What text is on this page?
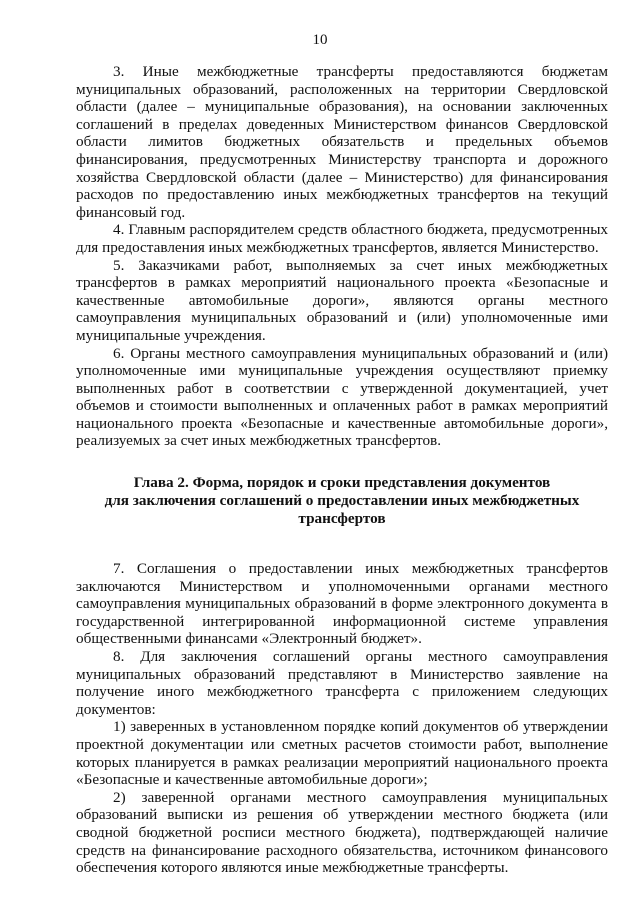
10

3. Иные межбюджетные трансферты предоставляются бюджетам муниципальных образований, расположенных на территории Свердловской области (далее – муниципальные образования), на основании заключенных соглашений в пределах доведенных Министерством финансов Свердловской области лимитов бюджетных обязательств и предельных объемов финансирования, предусмотренных Министерству транспорта и дорожного хозяйства Свердловской области (далее – Министерство) для финансирования расходов по предоставлению иных межбюджетных трансфертов на текущий финансовый год.

4. Главным распорядителем средств областного бюджета, предусмотренных для предоставления иных межбюджетных трансфертов, является Министерство.

5. Заказчиками работ, выполняемых за счет иных межбюджетных трансфертов в рамках мероприятий национального проекта «Безопасные и качественные автомобильные дороги», являются органы местного самоуправления муниципальных образований и (или) уполномоченные ими муниципальные учреждения.

6. Органы местного самоуправления муниципальных образований и (или) уполномоченные ими муниципальные учреждения осуществляют приемку выполненных работ в соответствии с утвержденной документацией, учет объемов и стоимости выполненных и оплаченных работ в рамках мероприятий национального проекта «Безопасные и качественные автомобильные дороги», реализуемых за счет иных межбюджетных трансфертов.

Глава 2. Форма, порядок и сроки представления документов
для заключения соглашений о предоставлении иных межбюджетных
трансфертов

7. Соглашения о предоставлении иных межбюджетных трансфертов заключаются Министерством и уполномоченными органами местного самоуправления муниципальных образований в форме электронного документа в государственной интегрированной информационной системе управления общественными финансами «Электронный бюджет».

8. Для заключения соглашений органы местного самоуправления муниципальных образований представляют в Министерство заявление на получение иного межбюджетного трансферта с приложением следующих документов:

1) заверенных в установленном порядке копий документов об утверждении проектной документации или сметных расчетов стоимости работ, выполнение которых планируется в рамках реализации мероприятий национального проекта «Безопасные и качественные автомобильные дороги»;

2) заверенной органами местного самоуправления муниципальных образований выписки из решения об утверждении местного бюджета (или сводной бюджетной росписи местного бюджета), подтверждающей наличие средств на финансирование расходного обязательства, источником финансового обеспечения которого являются иные межбюджетные трансферты.
